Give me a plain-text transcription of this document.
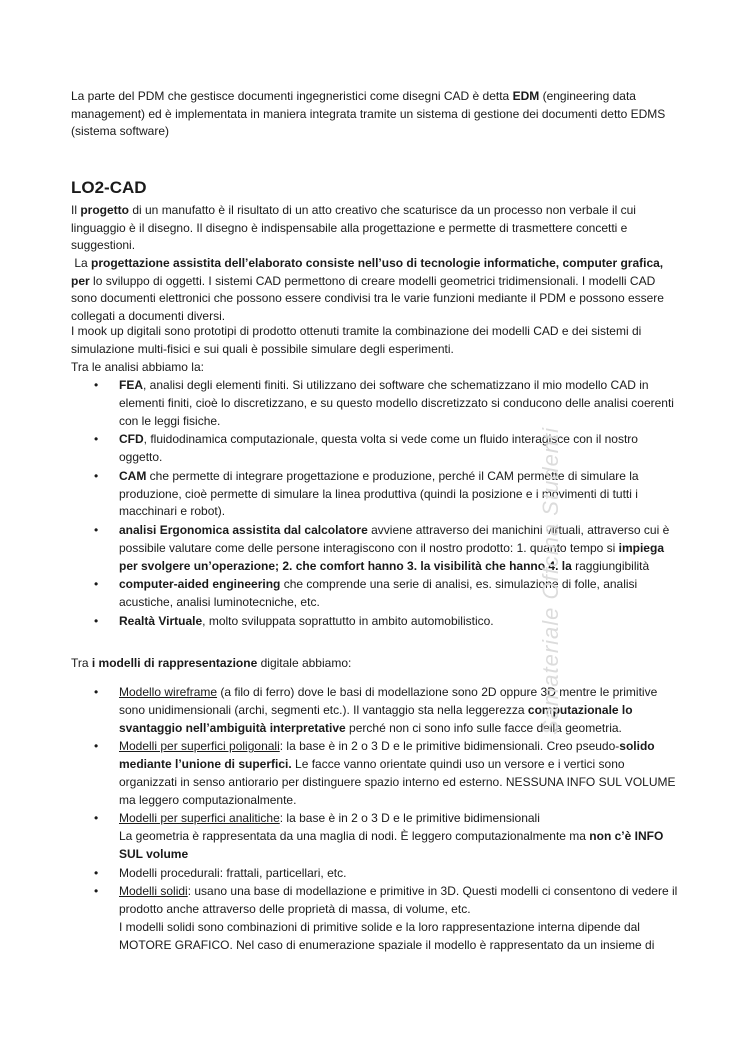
La parte del PDM che gestisce documenti ingegneristici come disegni CAD è detta EDM (engineering data management) ed è implementata in maniera integrata tramite un sistema di gestione dei documenti detto EDMS (sistema software)

LO2-CAD

Il progetto di un manufatto è il risultato di un atto creativo che scaturisce da un processo non verbale il cui linguaggio è il disegno. Il disegno è indispensabile alla progettazione e permette di trasmettere concetti e suggestioni.

La progettazione assistita dell’elaborato consiste nell’uso di tecnologie informatiche, computer grafica, per lo sviluppo di oggetti. I sistemi CAD permettono di creare modelli geometrici tridimensionali. I modelli CAD sono documenti elettronici che possono essere condivisi tra le varie funzioni mediante il PDM e possono essere collegati a documenti diversi.

I mook up digitali sono prototipi di prodotto ottenuti tramite la combinazione dei modelli CAD e dei sistemi di simulazione multi-fisici e sui quali è possibile simulare degli esperimenti.

Tra le analisi abbiamo la:

• FEA, analisi degli elementi finiti. Si utilizzano dei software che schematizzano il mio modello CAD in elementi finiti, cioè lo discretizzano, e su questo modello discretizzato si conducono delle analisi coerenti con le leggi fisiche.
• CFD, fluidodinamica computazionale, questa volta si vede come un fluido interagisce con il nostro oggetto.
• CAM che permette di integrare progettazione e produzione, perché il CAM permette di simulare la produzione, cioè permette di simulare la linea produttiva (quindi la posizione e i movimenti di tutti i macchinari e robot).
• analisi Ergonomica assistita dal calcolatore avviene attraverso dei manichini virtuali, attraverso cui è possibile valutare come delle persone interagiscono con il nostro prodotto: 1. quanto tempo si impiega per svolgere un’operazione; 2. che comfort hanno 3. la visibilità che hanno 4. la raggiungibilità
• computer-aided engineering che comprende una serie di analisi, es. simulazione di folle, analisi acustiche, analisi luminotecniche, etc.
• Realtà Virtuale, molto sviluppata soprattutto in ambito automobilistico.

Tra i modelli di rappresentazione digitale abbiamo:

• Modello wireframe (a filo di ferro) dove le basi di modellazione sono 2D oppure 3D mentre le primitive sono unidimensionali (archi, segmenti etc.). Il vantaggio sta nella leggerezza computazionale lo svantaggio nell’ambiguità interpretative perché non ci sono info sulle facce della geometria.
• Modelli per superfici poligonali: la base è in 2 o 3 D e le primitive bidimensionali. Creo pseudo-solido mediante l’unione di superfici. Le facce vanno orientate quindi uso un versore e i vertici sono organizzati in senso antiorario per distinguere spazio interno ed esterno. NESSUNA INFO SUL VOLUME ma leggero computazionalmente.
• Modelli per superfici analitiche: la base è in 2 o 3 D e le primitive bidimensionali
La geometria è rappresentata da una maglia di nodi. È leggero computazionalmente ma non c’è INFO SUL volume
• Modelli procedurali: frattali, particellari, etc.
• Modelli solidi: usano una base di modellazione e primitive in 3D. Questi modelli ci consentono di vedere il prodotto anche attraverso delle proprietà di massa, di volume, etc.
I modelli solidi sono combinazioni di primitive solide e la loro rappresentazione interna dipende dal MOTORE GRAFICO. Nel caso di enumerazione spaziale il modello è rappresentato da un insieme di
Samateriale Offcina Studenti
